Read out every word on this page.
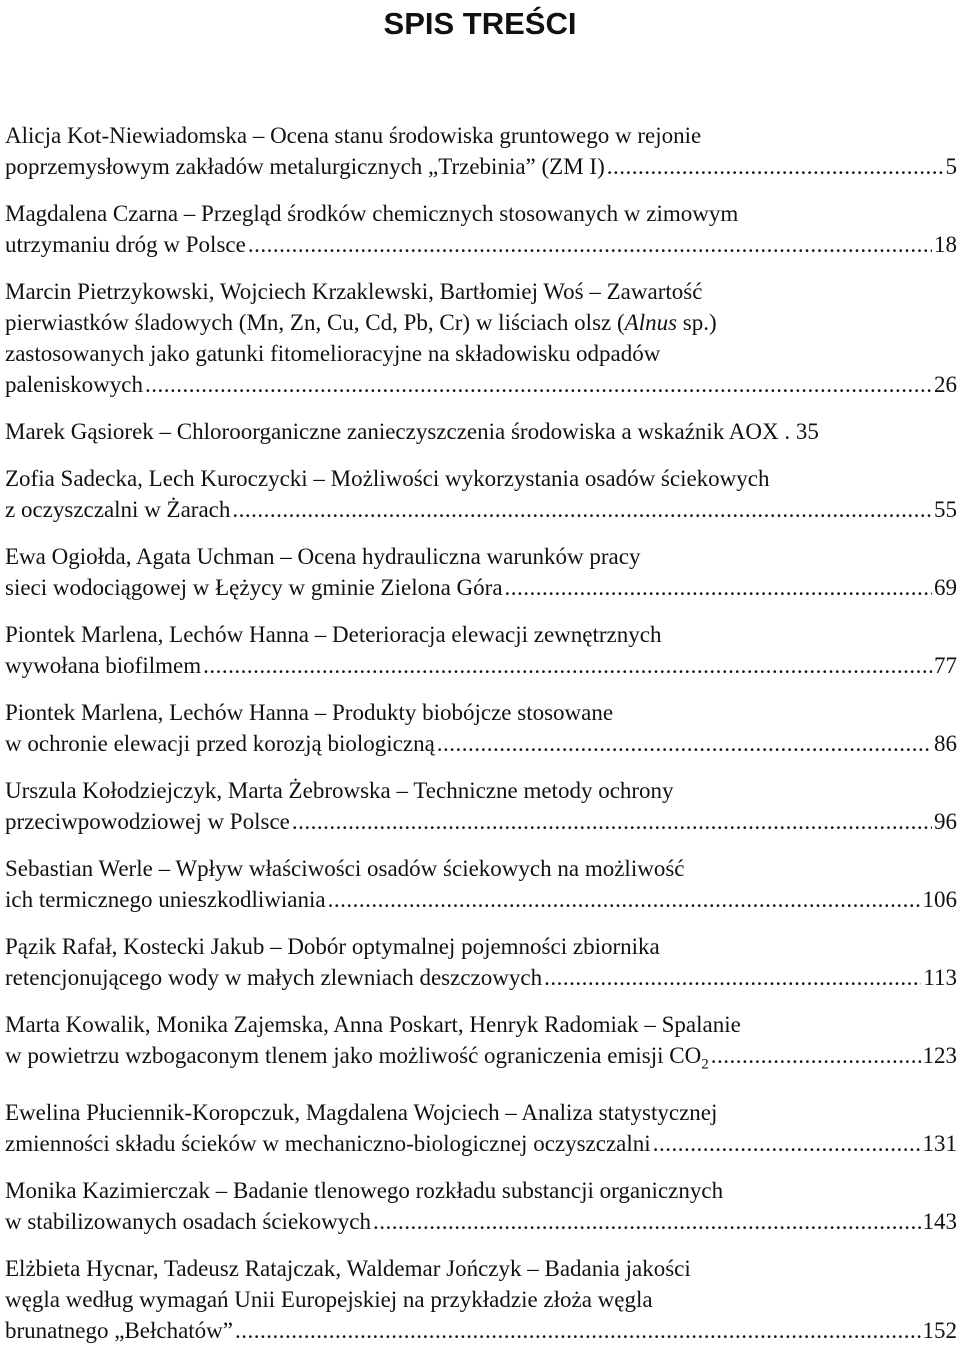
SPIS TREŚCI
Alicja Kot-Niewiadomska – Ocena stanu środowiska gruntowego w rejonie
poprzemysłowym zakładów metalurgicznych „Trzebinia” (ZM I) .....	5
Magdalena Czarna – Przegląd środków chemicznych stosowanych w zimowym
utrzymaniu dróg w Polsce .....	18
Marcin Pietrzykowski, Wojciech Krzaklewski, Bartłomiej Woś – Zawartość
pierwiastków śladowych (Mn, Zn, Cu, Cd, Pb, Cr) w liściach olsz (Alnus sp.)
zastosowanych jako gatunki fitomelioracyjne na składowisku odpadów
paleniskowych .....	26
Marek Gąsiorek – Chloroorganiczne zanieczyszczenia środowiska a wskaźnik AOX . 35
Zofia Sadecka, Lech Kuroczycki – Możliwości wykorzystania osadów ściekowych
z oczyszczalni w Żarach .....	55
Ewa Ogiołda, Agata Uchman – Ocena hydrauliczna warunków pracy
sieci wodociągowej w Łężycy w gminie Zielona Góra .....	69
Piontek Marlena, Lechów Hanna – Deterioracja elewacji zewnętrznych
wywołana biofilmem .....	77
Piontek Marlena, Lechów Hanna – Produkty biobójcze stosowane
w ochronie elewacji przed korozją biologiczną .....	86
Urszula Kołodziejczyk, Marta Żebrowska – Techniczne metody ochrony
przeciwpowodziowej w Polsce .....	96
Sebastian Werle – Wpływ właściwości osadów ściekowych na możliwość
ich termicznego unieszkodliwiania .....	106
Pązik Rafał, Kostecki Jakub – Dobór optymalnej pojemności zbiornika
retencjonującego wody w małych zlewniach deszczowych .....	113
Marta Kowalik, Monika Zajemska, Anna Poskart, Henryk Radomiak – Spalanie
w powietrzu wzbogaconym tlenem jako możliwość ograniczenia emisji $CO_2$ .....	123
Ewelina Płuciennik-Koropczuk, Magdalena Wojciech – Analiza statystycznej
zmienności składu ścieków w mechaniczno-biologicznej oczyszczalni .....	131
Monika Kazimierczak – Badanie tlenowego rozkładu substancji organicznych
w stabilizowanych osadach ściekowych .....	143
Elżbieta Hycnar, Tadeusz Ratajczak, Waldemar Jończyk – Badania jakości
węgla według wymagań Unii Europejskiej na przykładzie złoża węgla
brunatnego „Bełchatów” .....	152
